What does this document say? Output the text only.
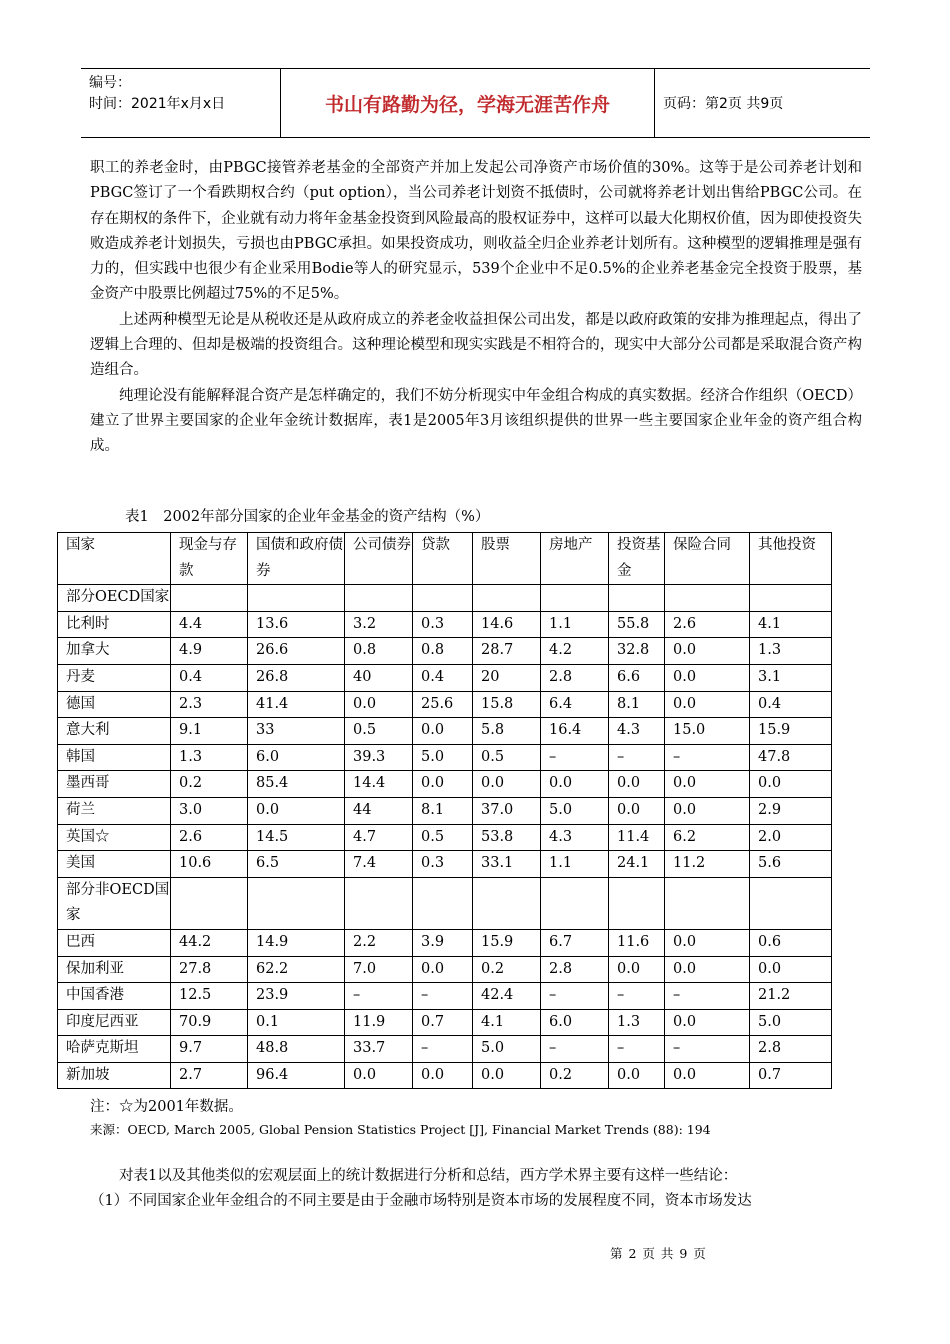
编号：
时间：2021年x月x日	书山有路勤为径，学海无涯苦作舟	页码：第2页 共9页

职工的养老金时，由PBGC接管养老基金的全部资产并加上发起公司净资产市场价值的30%。这等于是公司养老计划和PBGC签订了一个看跌期权合约（put option），当公司养老计划资不抵债时，公司就将养老计划出售给PBGC公司。在存在期权的条件下，企业就有动力将年金基金投资到风险最高的股权证券中，这样可以最大化期权价值，因为即使投资失败造成养老计划损失，亏损也由PBGC承担。如果投资成功，则收益全归企业养老计划所有。这种模型的逻辑推理是强有力的，但实践中也很少有企业采用Bodie等人的研究显示，539个企业中不足0.5%的企业养老基金完全投资于股票，基金资产中股票比例超过75%的不足5%。

上述两种模型无论是从税收还是从政府成立的养老金收益担保公司出发，都是以政府政策的安排为推理起点，得出了逻辑上合理的、但却是极端的投资组合。这种理论模型和现实实践是不相符合的，现实中大部分公司都是采取混合资产构造组合。

纯理论没有能解释混合资产是怎样确定的，我们不妨分析现实中年金组合构成的真实数据。经济合作组织（OECD）建立了世界主要国家的企业年金统计数据库，表1是2005年3月该组织提供的世界一些主要国家企业年金的资产组合构成。

表1　2002年部分国家的企业年金基金的资产结构（%）
国家	现金与存款	国债和政府债券	公司债券	贷款	股票	房地产	投资基金	保险合同	其他投资
部分OECD国家									
比利时	4.4	13.6	3.2	0.3	14.6	1.1	55.8	2.6	4.1
加拿大	4.9	26.6	0.8	0.8	28.7	4.2	32.8	0.0	1.3
丹麦	0.4	26.8	40	0.4	20	2.8	6.6	0.0	3.1
德国	2.3	41.4	0.0	25.6	15.8	6.4	8.1	0.0	0.4
意大利	9.1	33	0.5	0.0	5.8	16.4	4.3	15.0	15.9
韩国	1.3	6.0	39.3	5.0	0.5	–	–	–	47.8
墨西哥	0.2	85.4	14.4	0.0	0.0	0.0	0.0	0.0	0.0
荷兰	3.0	0.0	44	8.1	37.0	5.0	0.0	0.0	2.9
英国☆	2.6	14.5	4.7	0.5	53.8	4.3	11.4	6.2	2.0
美国	10.6	6.5	7.4	0.3	33.1	1.1	24.1	11.2	5.6
部分非OECD国家									
巴西	44.2	14.9	2.2	3.9	15.9	6.7	11.6	0.0	0.6
保加利亚	27.8	62.2	7.0	0.0	0.2	2.8	0.0	0.0	0.0
中国香港	12.5	23.9	–	–	42.4	–	–	–	21.2
印度尼西亚	70.9	0.1	11.9	0.7	4.1	6.0	1.3	0.0	5.0
哈萨克斯坦	9.7	48.8	33.7	–	5.0	–	–	–	2.8
新加坡	2.7	96.4	0.0	0.0	0.0	0.2	0.0	0.0	0.7
注：☆为2001年数据。
来源：OECD, March 2005, Global Pension Statistics Project [J], Financial Market Trends (88): 194

对表1以及其他类似的宏观层面上的统计数据进行分析和总结，西方学术界主要有这样一些结论：

（1）不同国家企业年金组合的不同主要是由于金融市场特别是资本市场的发展程度不同，资本市场发达

第 2 页 共 9 页
